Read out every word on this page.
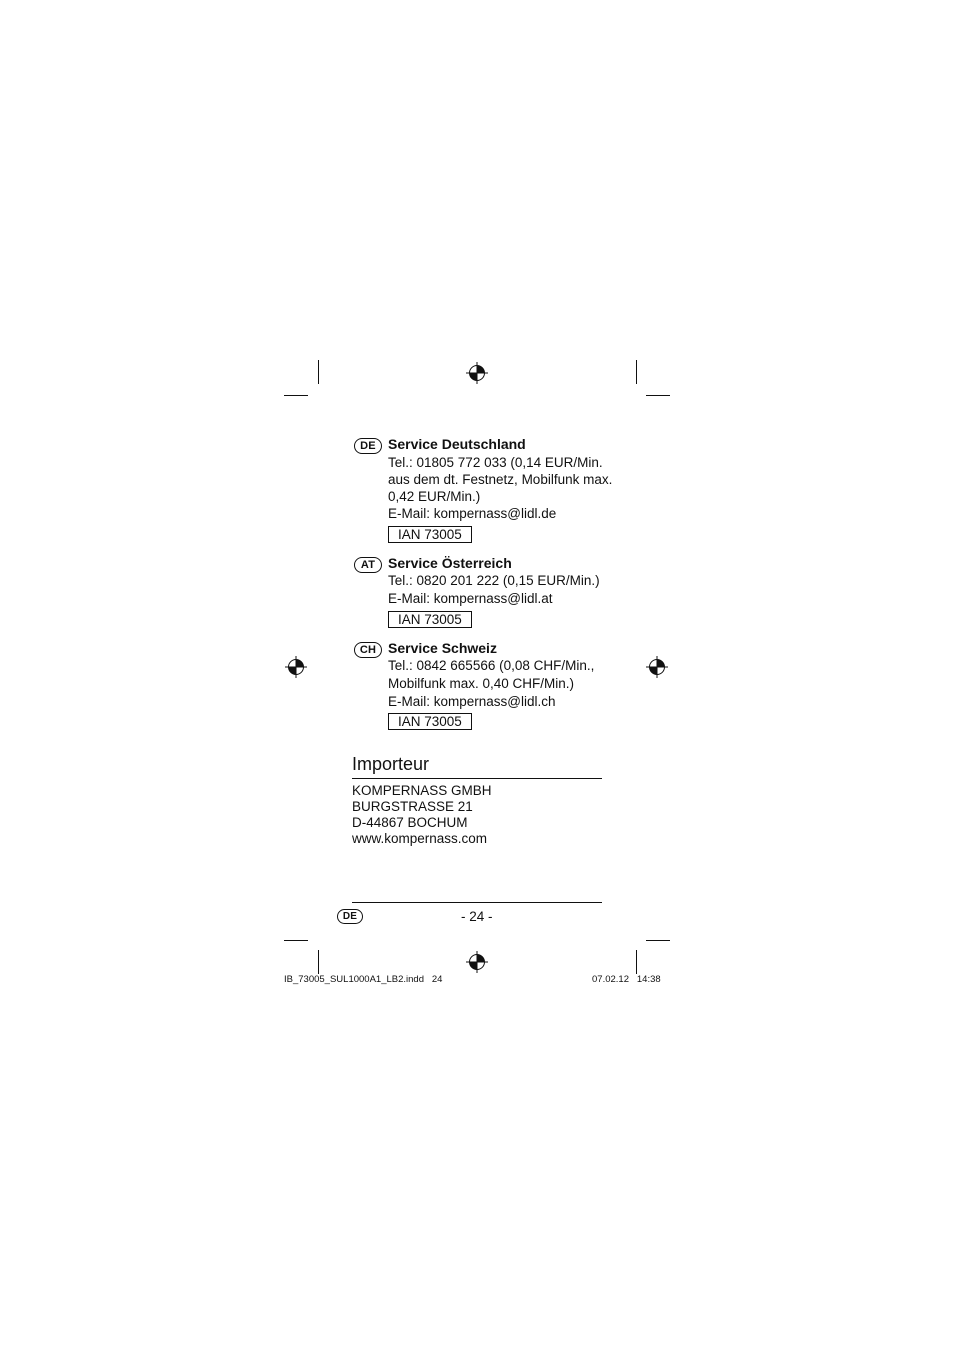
DE Service Deutschland
Tel.: 01805 772 033 (0,14 EUR/Min.
aus dem dt. Festnetz, Mobilfunk max.
0,42 EUR/Min.)
E-Mail: kompernass@lidl.de
IAN 73005
AT Service Österreich
Tel.: 0820 201 222 (0,15 EUR/Min.)
E-Mail: kompernass@lidl.at
IAN 73005
CH Service Schweiz
Tel.: 0842 665566 (0,08 CHF/Min.,
Mobilfunk max. 0,40 CHF/Min.)
E-Mail: kompernass@lidl.ch
IAN 73005
Importeur
KOMPERNASS GMBH
BURGSTRASSE 21
D-44867 BOCHUM
www.kompernass.com
DE	- 24 -
IB_73005_SUL1000A1_LB2.indd   24	07.02.12   14:38
